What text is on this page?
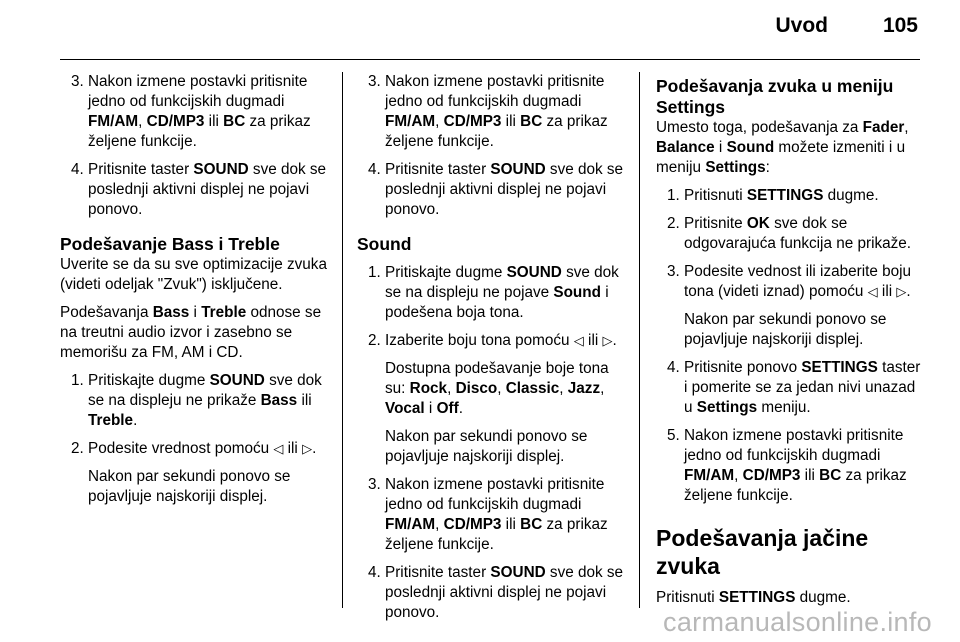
Uvod	105
3. Nakon izmene postavki pritisnite jedno od funkcijskih dugmadi FM/AM, CD/MP3 ili BC za prikaz željene funkcije.
4. Pritisnite taster SOUND sve dok se poslednji aktivni displej ne pojavi ponovo.
Podešavanje Bass i Treble

Uverite se da su sve optimizacije zvuka (videti odeljak "Zvuk") isključene.

Podešavanja Bass i Treble odnose se na treutni audio izvor i zasebno se memorišu za FM, AM i CD.

1. Pritiskajte dugme SOUND sve dok se na displeju ne prikaže Bass ili Treble.
2. Podesite vrednost pomoću ◁ ili ▷.

Nakon par sekundi ponovo se pojavljuje najskoriji displej.

3. Nakon izmene postavki pritisnite jedno od funkcijskih dugmadi FM/AM, CD/MP3 ili BC za prikaz željene funkcije.
4. Pritisnite taster SOUND sve dok se poslednji aktivni displej ne pojavi ponovo.
Sound
1. Pritiskajte dugme SOUND sve dok se na displeju ne pojave Sound i podešena boja tona.
2. Izaberite boju tona pomoću ◁ ili ▷.

Dostupna podešavanje boje tona su: Rock, Disco, Classic, Jazz, Vocal i Off.

Nakon par sekundi ponovo se pojavljuje najskoriji displej.

3. Nakon izmene postavki pritisnite jedno od funkcijskih dugmadi FM/AM, CD/MP3 ili BC za prikaz željene funkcije.
4. Pritisnite taster SOUND sve dok se poslednji aktivni displej ne pojavi ponovo.
Podešavanja zvuka u meniju Settings

Umesto toga, podešavanja za Fader, Balance i Sound možete izmeniti i u meniju Settings:

1. Pritisnuti SETTINGS dugme.
2. Pritisnite OK sve dok se odgovarajuća funkcija ne prikaže.
3. Podesite vednost ili izaberite boju tona (videti iznad) pomoću ◁ ili ▷.

Nakon par sekundi ponovo se pojavljuje najskoriji displej.

4. Pritisnite ponovo SETTINGS taster i pomerite se za jedan nivi unazad u Settings meniju.
5. Nakon izmene postavki pritisnite jedno od funkcijskih dugmadi FM/AM, CD/MP3 ili BC za prikaz željene funkcije.
Podešavanja jačine zvuka

Pritisnuti SETTINGS dugme.

carmanualsonline.info
